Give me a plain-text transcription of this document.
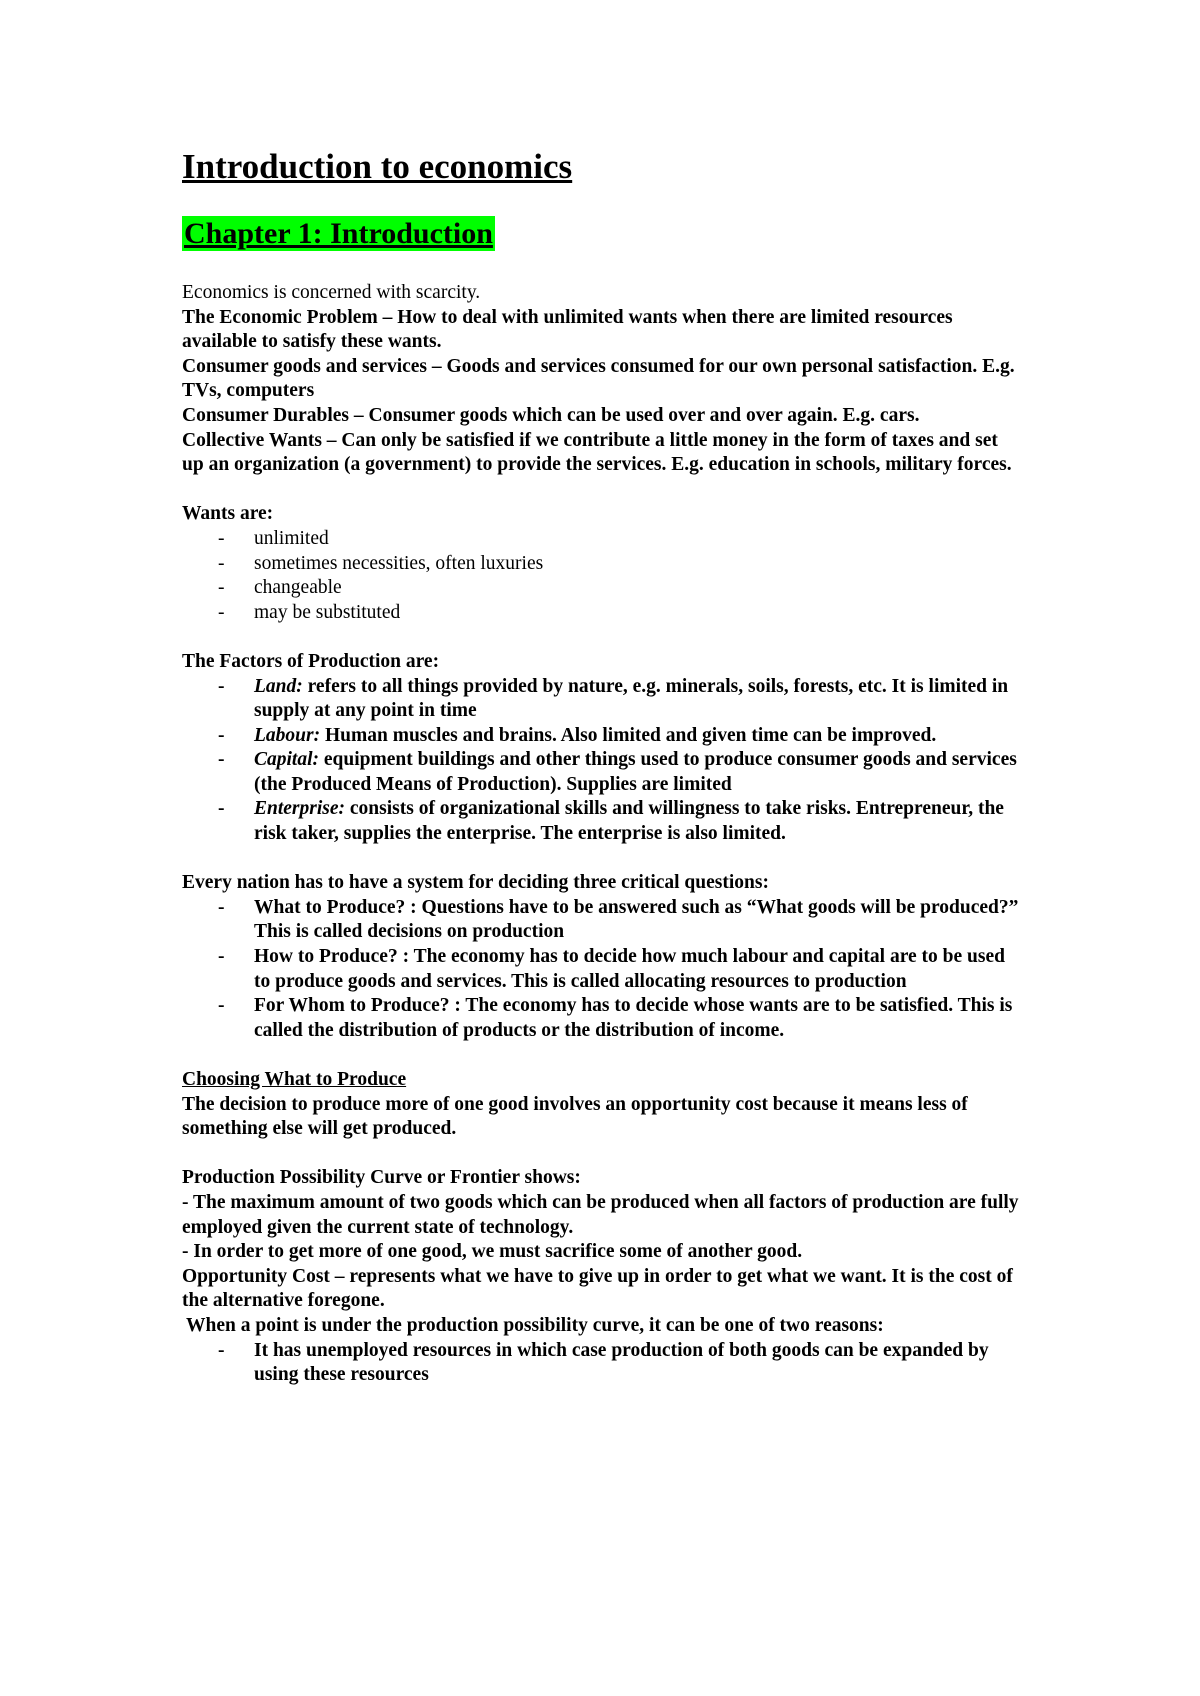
Introduction to economics
Chapter 1: Introduction

Economics is concerned with scarcity.

The Economic Problem – How to deal with unlimited wants when there are limited resources available to satisfy these wants.

Consumer goods and services – Goods and services consumed for our own personal satisfaction. E.g. TVs, computers

Consumer Durables – Consumer goods which can be used over and over again. E.g. cars.

Collective Wants – Can only be satisfied if we contribute a little money in the form of taxes and set up an organization (a government) to provide the services. E.g. education in schools, military forces.

Wants are:

- unlimited
- sometimes necessities, often luxuries
- changeable
- may be substituted

The Factors of Production are:

- Land: refers to all things provided by nature, e.g. minerals, soils, forests, etc. It is limited in supply at any point in time
- Labour: Human muscles and brains. Also limited and given time can be improved.
- Capital: equipment buildings and other things used to produce consumer goods and services (the Produced Means of Production). Supplies are limited
- Enterprise: consists of organizational skills and willingness to take risks. Entrepreneur, the risk taker, supplies the enterprise. The enterprise is also limited.

Every nation has to have a system for deciding three critical questions:

- What to Produce? : Questions have to be answered such as “What goods will be produced?” This is called decisions on production
- How to Produce? : The economy has to decide how much labour and capital are to be used to produce goods and services. This is called allocating resources to production
- For Whom to Produce? : The economy has to decide whose wants are to be satisfied. This is called the distribution of products or the distribution of income.

Choosing What to Produce

The decision to produce more of one good involves an opportunity cost because it means less of something else will get produced.

Production Possibility Curve or Frontier shows:

- The maximum amount of two goods which can be produced when all factors of production are fully employed given the current state of technology.

- In order to get more of one good, we must sacrifice some of another good.

Opportunity Cost – represents what we have to give up in order to get what we want. It is the cost of the alternative foregone.

When a point is under the production possibility curve, it can be one of two reasons:

- It has unemployed resources in which case production of both goods can be expanded by using these resources
